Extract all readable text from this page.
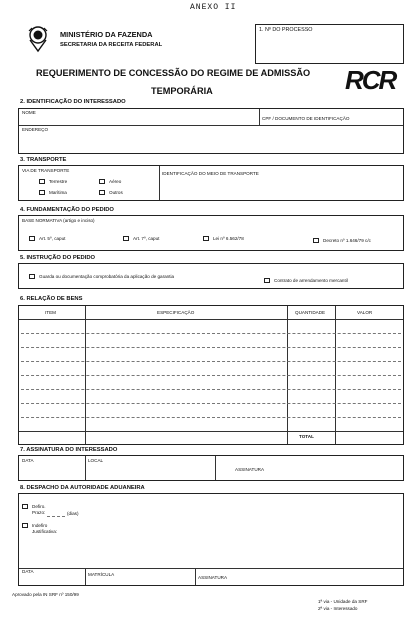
ANEXO II
MINISTÉRIO DA FAZENDA
SECRETARIA DA RECEITA FEDERAL
1. Nº DO PROCESSO
REQUERIMENTO DE CONCESSÃO DO REGIME DE ADMISSÃO
TEMPORÁRIA	RCR
2. IDENTIFICAÇÃO DO INTERESSADO
NOME
CPF / DOCUMENTO DE IDENTIFICAÇÃO
ENDEREÇO
3. TRANSPORTE
VIA DE TRANSPORTE
IDENTIFICAÇÃO DO MEIO DE TRANSPORTE
Terrestre	Aéreo
Marítima	Outros
4. FUNDAMENTAÇÃO DO PEDIDO
BASE NORMATIVA (artigo e inciso)
Art. 5º, caput	Art. 7º, caput	Lei nº 6.562/78	Decreto nº 1.646/79 c/c
5. INSTRUÇÃO DO PEDIDO
Guarda ou documentação comprobatória da aplicação de garantia
Contrato de arrendamento mercantil
6. RELAÇÃO DE BENS
ITEM	ESPECIFICAÇÃO	QUANTIDADE	VALOR
TOTAL
7. ASSINATURA DO INTERESSADO
DATA	LOCAL
ASSINATURA
8. DESPACHO DA AUTORIDADE ADUANEIRA
Defiro.
Prazo:	(dias)
Indefiro
Justificativa:
DATA
MATRÍCULA
ASSINATURA
Aprovado pela IN SRF nº 150/99
1ª via - Unidade da SRF
2ª via - Interessado
